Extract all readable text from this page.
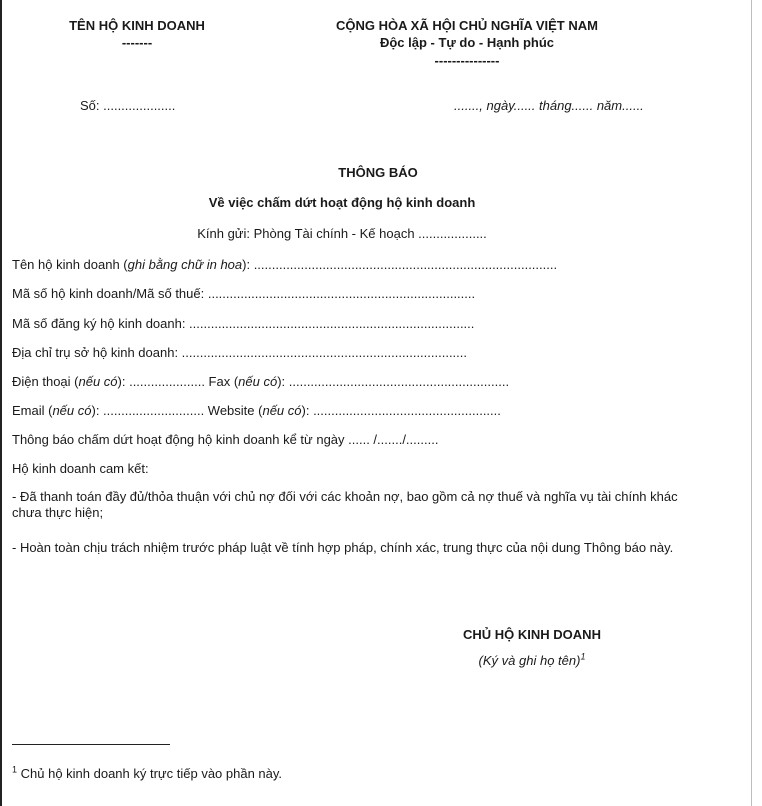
TÊN HỘ KINH DOANH
-------
CỘNG HÒA XÃ HỘI CHỦ NGHĨA VIỆT NAM
Độc lập - Tự do - Hạnh phúc
---------------
Số: ....................	......., ngày...... tháng...... năm......
THÔNG BÁO
Về việc chấm dứt hoạt động hộ kinh doanh
Kính gửi: Phòng Tài chính - Kế hoạch ...................
Tên hộ kinh doanh (ghi bằng chữ in hoa): ....................................................................................
Mã số hộ kinh doanh/Mã số thuế: ..........................................................................
Mã số đăng ký hộ kinh doanh: ...............................................................................
Địa chỉ trụ sở hộ kinh doanh: ...............................................................................
Điện thoại (nếu có): ..................... Fax (nếu có): .............................................................
Email (nếu có): ............................ Website (nếu có): ....................................................
Thông báo chấm dứt hoạt động hộ kinh doanh kể từ ngày ...... /......./.........
Hộ kinh doanh cam kết:
- Đã thanh toán đầy đủ/thỏa thuận với chủ nợ đối với các khoản nợ, bao gồm cả nợ thuế và nghĩa vụ tài chính khác chưa thực hiện;
- Hoàn toàn chịu trách nhiệm trước pháp luật về tính hợp pháp, chính xác, trung thực của nội dung Thông báo này.
CHỦ HỘ KINH DOANH
(Ký và ghi họ tên)$^1$
$^1$ Chủ hộ kinh doanh ký trực tiếp vào phần này.
